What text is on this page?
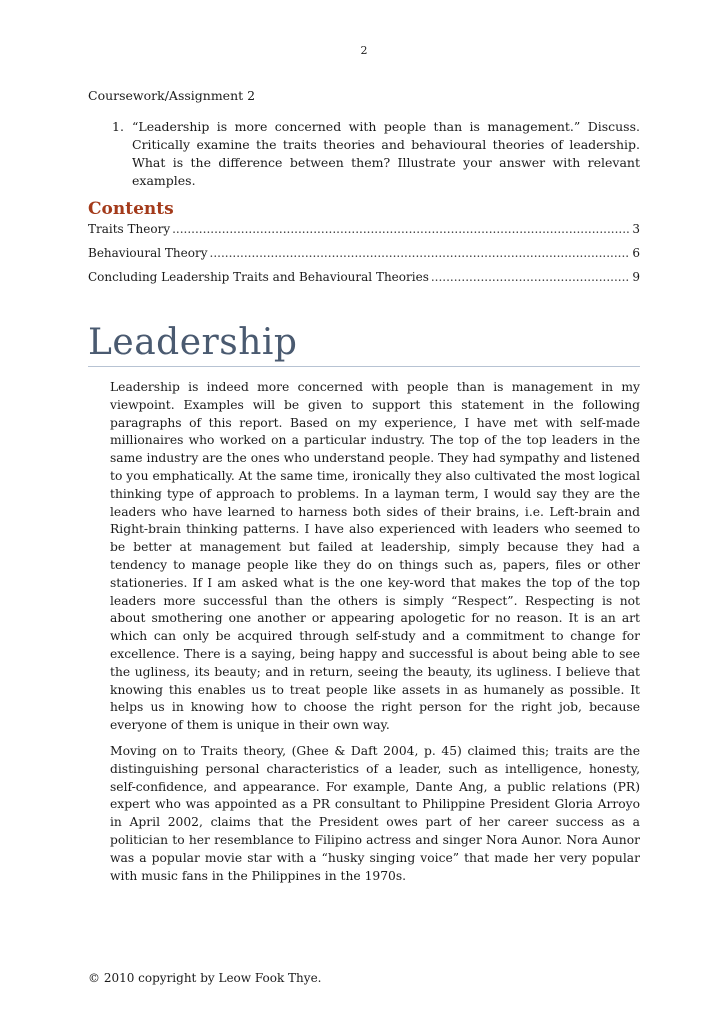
2
Coursework/Assignment 2
1. “Leadership is more concerned with people than is management.” Discuss. Critically examine the traits theories and behavioural theories of leadership. What is the difference between them? Illustrate your answer with relevant examples.
Contents
Traits Theory .....	3
Behavioural Theory .....	6
Concluding Leadership Traits and Behavioural Theories .....	9
Leadership

Leadership is indeed more concerned with people than is management in my viewpoint. Examples will be given to support this statement in the following paragraphs of this report. Based on my experience, I have met with self-made millionaires who worked on a particular industry. The top of the top leaders in the same industry are the ones who understand people. They had sympathy and listened to you emphatically. At the same time, ironically they also cultivated the most logical thinking type of approach to problems. In a layman term, I would say they are the leaders who have learned to harness both sides of their brains, i.e. Left-brain and Right-brain thinking patterns. I have also experienced with leaders who seemed to be better at management but failed at leadership, simply because they had a tendency to manage people like they do on things such as, papers, files or other stationeries. If I am asked what is the one key-word that makes the top of the top leaders more successful than the others is simply “Respect”. Respecting is not about smothering one another or appearing apologetic for no reason. It is an art which can only be acquired through self-study and a commitment to change for excellence. There is a saying, being happy and successful is about being able to see the ugliness, its beauty; and in return, seeing the beauty, its ugliness. I believe that knowing this enables us to treat people like assets in as humanely as possible. It helps us in knowing how to choose the right person for the right job, because everyone of them is unique in their own way.

Moving on to Traits theory, (Ghee & Daft 2004, p. 45) claimed this; traits are the distinguishing personal characteristics of a leader, such as intelligence, honesty, self-confidence, and appearance. For example, Dante Ang, a public relations (PR) expert who was appointed as a PR consultant to Philippine President Gloria Arroyo in April 2002, claims that the President owes part of her career success as a politician to her resemblance to Filipino actress and singer Nora Aunor. Nora Aunor was a popular movie star with a “husky singing voice” that made her very popular with music fans in the Philippines in the 1970s.

© 2010 copyright by Leow Fook Thye.
